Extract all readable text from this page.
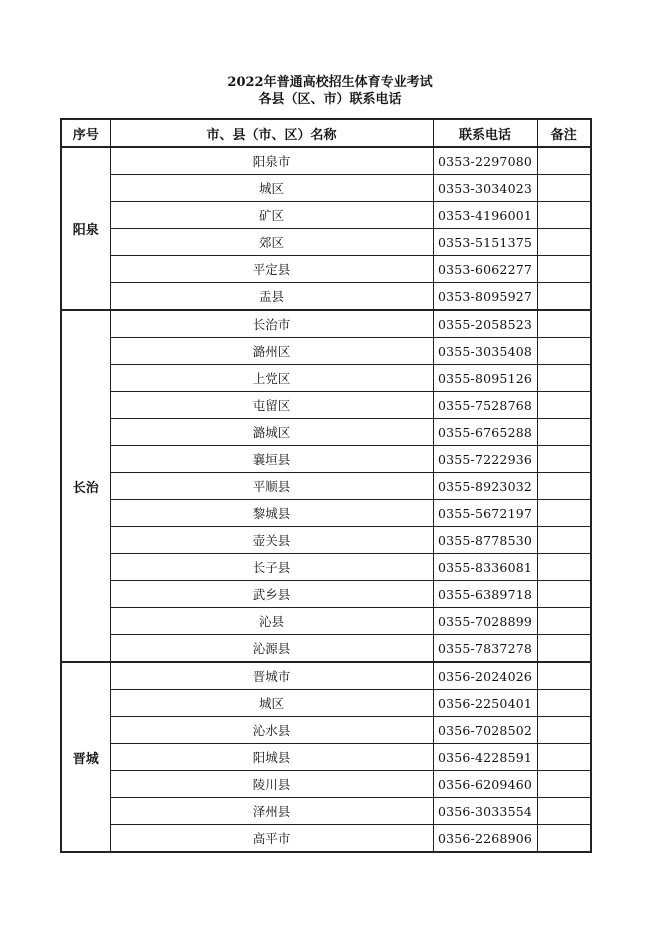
2022年普通高校招生体育专业考试
各县（区、市）联系电话
序号	市、县（市、区）名称	联系电话	备注
阳泉	阳泉市	0353-2297080	
	城区	0353-3034023	
	矿区	0353-4196001	
	郊区	0353-5151375	
	平定县	0353-6062277	
	盂县	0353-8095927	
长治	长治市	0355-2058523	
	潞州区	0355-3035408	
	上党区	0355-8095126	
	屯留区	0355-7528768	
	潞城区	0355-6765288	
	襄垣县	0355-7222936	
	平顺县	0355-8923032	
	黎城县	0355-5672197	
	壶关县	0355-8778530	
	长子县	0355-8336081	
	武乡县	0355-6389718	
	沁县	0355-7028899	
	沁源县	0355-7837278	
晋城	晋城市	0356-2024026	
	城区	0356-2250401	
	沁水县	0356-7028502	
	阳城县	0356-4228591	
	陵川县	0356-6209460	
	泽州县	0356-3033554	
	高平市	0356-2268906	
